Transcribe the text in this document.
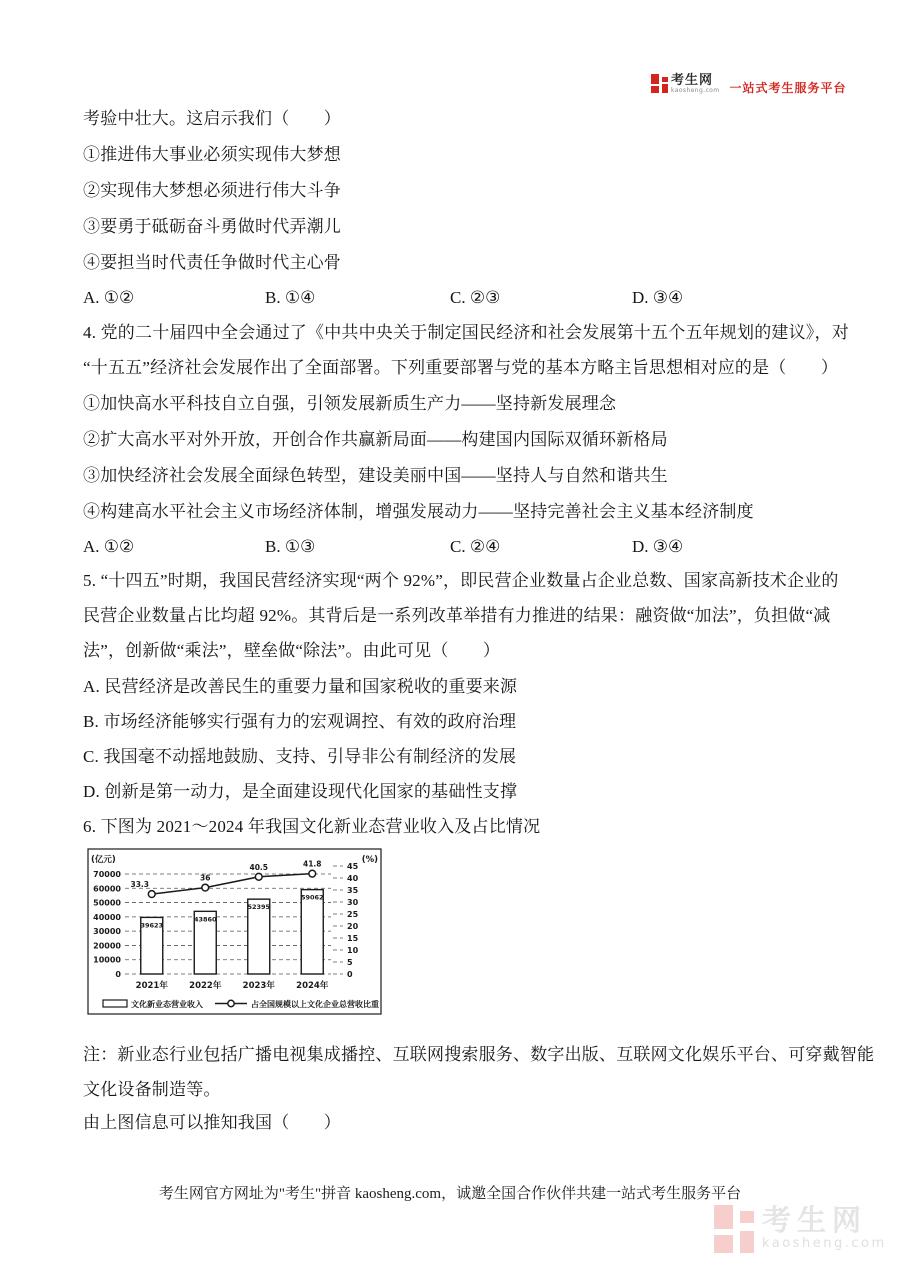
考生网
kaosheng.com 一站式考生服务平台
考验中壮大。这启示我们（　　）
①推进伟大事业必须实现伟大梦想
②实现伟大梦想必须进行伟大斗争
③要勇于砥砺奋斗勇做时代弄潮儿
④要担当时代责任争做时代主心骨
A. ①②	B. ①④	C. ②③	D. ③④
4. 党的二十届四中全会通过了《中共中央关于制定国民经济和社会发展第十五个五年规划的建议》，对
“十五五”经济社会发展作出了全面部署。下列重要部署与党的基本方略主旨思想相对应的是（　　）
①加快高水平科技自立自强，引领发展新质生产力——坚持新发展理念
②扩大高水平对外开放，开创合作共赢新局面——构建国内国际双循环新格局
③加快经济社会发展全面绿色转型，建设美丽中国——坚持人与自然和谐共生
④构建高水平社会主义市场经济体制，增强发展动力——坚持完善社会主义基本经济制度
A. ①②	B. ①③	C. ②④	D. ③④
5. “十四五”时期，我国民营经济实现“两个 92%”，即民营企业数量占企业总数、国家高新技术企业的
民营企业数量占比均超 92%。其背后是一系列改革举措有力推进的结果：融资做“加法”，负担做“减
法”，创新做“乘法”，壁垒做“除法”。由此可见（　　）
A. 民营经济是改善民生的重要力量和国家税收的重要来源
B. 市场经济能够实行强有力的宏观调控、有效的政府治理
C. 我国毫不动摇地鼓励、支持、引导非公有制经济的发展
D. 创新是第一动力，是全面建设现代化国家的基础性支撑
6. 下图为 2021～2024 年我国文化新业态营业收入及占比情况
(亿元)	(%)
0
10000
20000
30000
40000
50000
60000
70000
0
5
10
15
20
25
30
35
40
45
39623
43860
52395
59062
33.3
36
40.5	41.8
2021年	2022年	2023年	2024年
文化新业态营业收入	占全国规模以上文化企业总营收比重
注：新业态行业包括广播电视集成播控、互联网搜索服务、数字出版、互联网文化娱乐平台、可穿戴智能
文化设备制造等。
由上图信息可以推知我国（　　）
考生网官方网址为"考生"拼音 kaosheng.com，诚邀全国合作伙伴共建一站式考生服务平台
考生网
kaosheng.com
